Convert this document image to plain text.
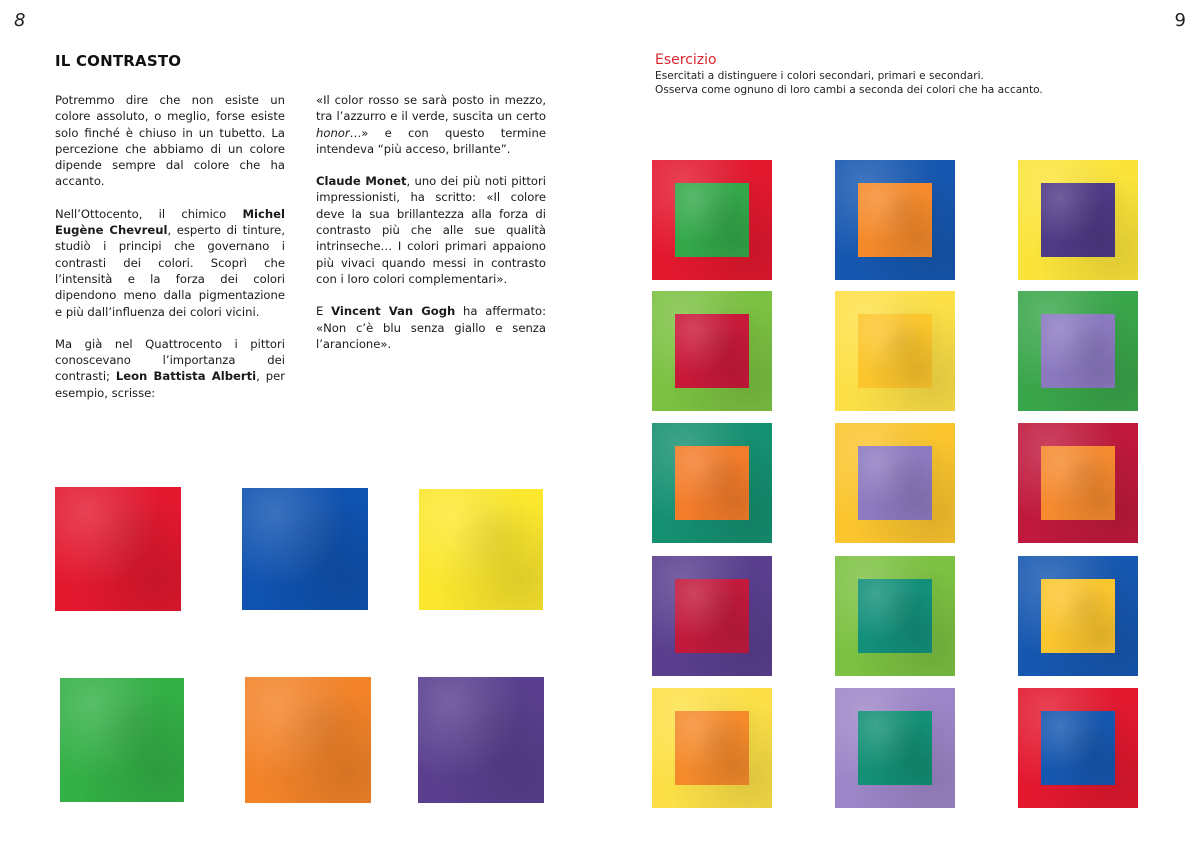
8
IL CONTRASTO

Potremmo dire che non esiste un colore assoluto, o meglio, forse esiste solo finché è chiuso in un tubetto. La percezione che abbiamo di un colore dipende sempre dal colore che ha accanto.

Nell’Ottocento, il chimico Michel Eugène Chevreul, esperto di tinture, studiò i principi che governano i contrasti dei colori. Scoprì che l’intensità e la forza dei colori dipendono meno dalla pigmentazione e più dall’influenza dei colori vicini.

Ma già nel Quattrocento i pittori conoscevano l’importanza dei contrasti; Leon Battista Alberti, per esempio, scrisse:

«Il color rosso se sarà posto in mezzo, tra l’azzurro e il verde, suscita un certo honor…» e con questo termine intendeva “più acceso, brillante”.

Claude Monet, uno dei più noti pittori impressionisti, ha scritto: «Il colore deve la sua brillantezza alla forza di contrasto più che alle sue qualità intrinseche… I colori primari appaiono più vivaci quando messi in contrasto con i loro colori complementari».

E Vincent Van Gogh ha affermato: «Non c’è blu senza giallo e senza l’arancione».

9
Esercizio

Esercitati a distinguere i colori secondari, primari e secondari.

Osserva come ognuno di loro cambi a seconda dei colori che ha accanto.
